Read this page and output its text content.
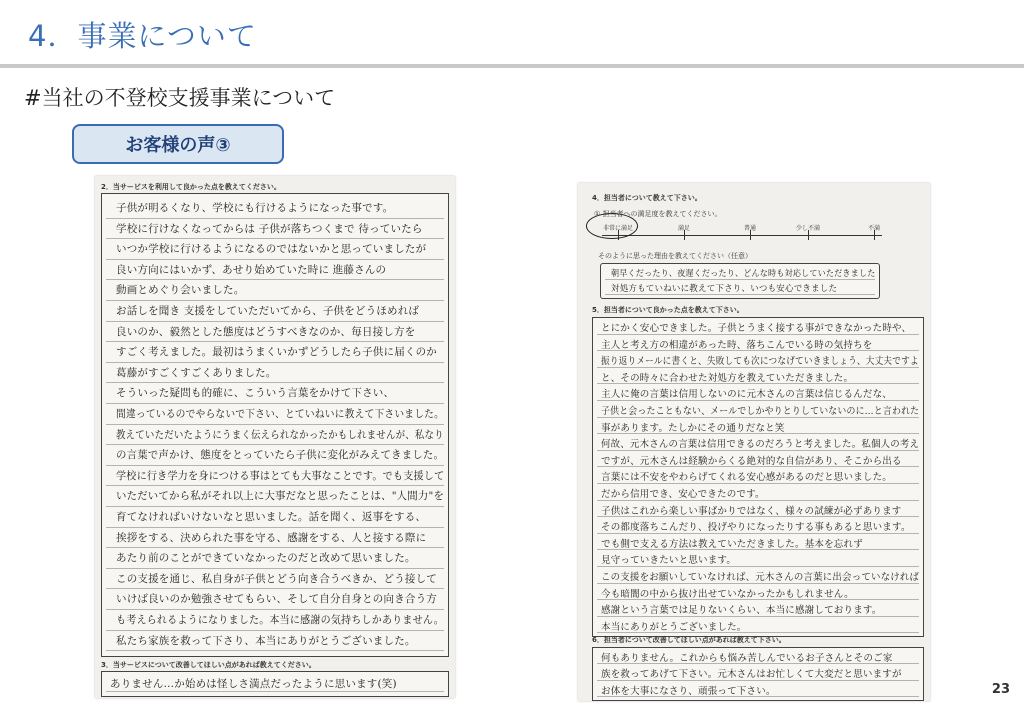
4．事業について
#当社の不登校支援事業について
お客様の声③
2．当サービスを利用して良かった点を教えてください。
子供が明るくなり、学校にも行けるようになった事です。
学校に行けなくなってからは 子供が落ちつくまで 待っていたら
いつか学校に行けるようになるのではないかと思っていましたが
良い方向にはいかず、あせり始めていた時に 進藤さんの
動画とめぐり会いました。
お話しを聞き 支援をしていただいてから、子供をどうほめれば
良いのか、毅然とした態度はどうすべきなのか、毎日接し方を
すごく考えました。最初はうまくいかずどうしたら子供に届くのか
葛藤がすごくすごくありました。
そういった疑問も的確に、こういう言葉をかけて下さい、
間違っているのでやらないで下さい、とていねいに教えて下さいました。
教えていただいたようにうまく伝えられなかったかもしれませんが、私なり
の言葉で声かけ、態度をとっていたら子供に変化がみえてきました。
学校に行き学力を身につける事はとても大事なことです。でも支援して
いただいてから私がそれ以上に大事だなと思ったことは、"人間力"を
育てなければいけないなと思いました。話を聞く、返事をする、
挨拶をする、決められた事を守る、感謝をする、人と接する際に
あたり前のことができていなかったのだと改めて思いました。
この支援を通じ、私自身が子供とどう向き合うべきか、どう接して
いけば良いのか勉強させてもらい、そして自分自身との向き合う方
も考えられるようになりました。本当に感謝の気持ちしかありません。
私たち家族を救って下さり、本当にありがとうございました。
3．当サービスについて改善してほしい点があれば教えてください。
ありません…か始めは怪しさ満点だったように思います(笑)
4．担当者について教えて下さい。
① 担当者への満足度を教えてください。
非常に満足	満足	普通	少し不満	不満
そのように思った理由を教えてください（任意）
朝早くだったり、夜遅くだったり、どんな時も対応していただきました
対処方もていねいに教えて下さり、いつも安心できました
5．担当者について良かった点を教えて下さい。
とにかく安心できました。子供とうまく接する事ができなかった時や、
主人と考え方の相違があった時、落ちこんでいる時の気持ちを
振り返りメールに書くと、失敗しても次につなげていきましょう、大丈夫ですよ
と、その時々に合わせた対処方を教えていただきました。
主人に俺の言葉は信用しないのに元木さんの言葉は信じるんだな、
子供と会ったこともない、メールでしかやりとりしていないのに…と言われた
事があります。たしかにその通りだなと笑
何故、元木さんの言葉は信用できるのだろうと考えました。私個人の考え
ですが、元木さんは経験からくる絶対的な自信があり、そこから出る
言葉には不安をやわらげてくれる安心感があるのだと思いました。
だから信用でき、安心できたのです。
子供はこれから楽しい事ばかりではなく、様々の試練が必ずあります
その都度落ちこんだり、投げやりになったりする事もあると思います。
でも側で支える方法は教えていただきました。基本を忘れず
見守っていきたいと思います。
この支援をお願いしていなければ、元木さんの言葉に出会っていなければ
今も暗闇の中から抜け出せていなかったかもしれません。
感謝という言葉では足りないくらい、本当に感謝しております。
本当にありがとうございました。
6．担当者について改善してほしい点があれば教えて下さい。
何もありません。これからも悩み苦しんでいるお子さんとそのご家
族を救ってあげて下さい。元木さんはお忙しくて大変だと思いますが
お体を大事になさり、頑張って下さい。	23
